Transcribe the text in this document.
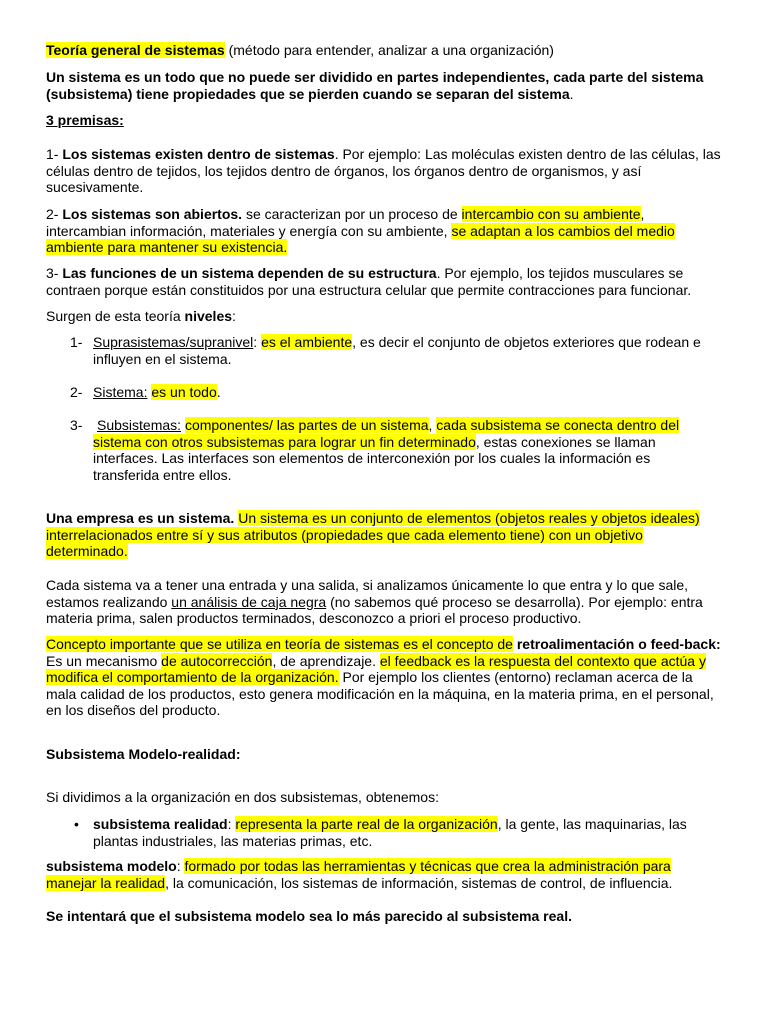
Teoría general de sistemas (método para entender, analizar a una organización)

Un sistema es un todo que no puede ser dividido en partes independientes, cada parte del sistema (subsistema) tiene propiedades que se pierden cuando se separan del sistema.

3 premisas:

1- Los sistemas existen dentro de sistemas. Por ejemplo: Las moléculas existen dentro de las células, las células dentro de tejidos, los tejidos dentro de órganos, los órganos dentro de organismos, y así sucesivamente.

2- Los sistemas son abiertos. se caracterizan por un proceso de intercambio con su ambiente, intercambian información, materiales y energía con su ambiente, se adaptan a los cambios del medio ambiente para mantener su existencia.

3- Las funciones de un sistema dependen de su estructura. Por ejemplo, los tejidos musculares se contraen porque están constituidos por una estructura celular que permite contracciones para funcionar.

Surgen de esta teoría niveles:

1- Suprasistemas/supranivel: es el ambiente, es decir el conjunto de objetos exteriores que rodean e influyen en el sistema.

2- Sistema: es un todo.

3- Subsistemas: componentes/ las partes de un sistema, cada subsistema se conecta dentro del sistema con otros subsistemas para lograr un fin determinado, estas conexiones se llaman interfaces. Las interfaces son elementos de interconexión por los cuales la información es transferida entre ellos.

Una empresa es un sistema. Un sistema es un conjunto de elementos (objetos reales y objetos ideales) interrelacionados entre sí y sus atributos (propiedades que cada elemento tiene) con un objetivo determinado.

Cada sistema va a tener una entrada y una salida, si analizamos únicamente lo que entra y lo que sale, estamos realizando un análisis de caja negra (no sabemos qué proceso se desarrolla). Por ejemplo: entra materia prima, salen productos terminados, desconozco a priori el proceso productivo.

Concepto importante que se utiliza en teoría de sistemas es el concepto de retroalimentación o feed-back: Es un mecanismo de autocorrección, de aprendizaje. el feedback es la respuesta del contexto que actúa y modifica el comportamiento de la organización. Por ejemplo los clientes (entorno) reclaman acerca de la mala calidad de los productos, esto genera modificación en la máquina, en la materia prima, en el personal, en los diseños del producto.

Subsistema Modelo-realidad:

Si dividimos a la organización en dos subsistemas, obtenemos:

• subsistema realidad: representa la parte real de la organización, la gente, las maquinarias, las plantas industriales, las materias primas, etc.

subsistema modelo: formado por todas las herramientas y técnicas que crea la administración para manejar la realidad, la comunicación, los sistemas de información, sistemas de control, de influencia.

Se intentará que el subsistema modelo sea lo más parecido al subsistema real.
